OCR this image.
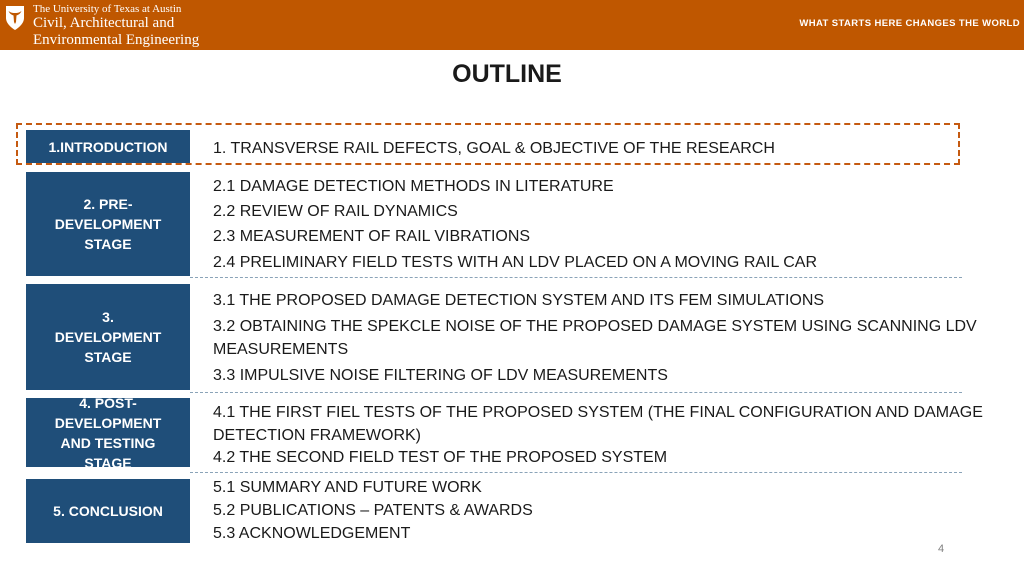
The University of Texas at Austin
Civil, Architectural and
Environmental Engineering
WHAT STARTS HERE CHANGES THE WORLD
OUTLINE
1.INTRODUCTION
2. PRE-DEVELOPMENT STAGE
3. DEVELOPMENT STAGE
4. POST-DEVELOPMENT AND TESTING STAGE
5. CONCLUSION
1. TRANSVERSE RAIL DEFECTS, GOAL & OBJECTIVE OF THE RESEARCH
2.1 DAMAGE DETECTION METHODS IN LITERATURE
2.2 REVIEW OF RAIL DYNAMICS
2.3 MEASUREMENT OF RAIL VIBRATIONS
2.4 PRELIMINARY FIELD TESTS WITH AN LDV PLACED ON A MOVING RAIL CAR
3.1 THE PROPOSED DAMAGE DETECTION SYSTEM AND ITS FEM SIMULATIONS
3.2 OBTAINING THE SPEKCLE NOISE OF THE PROPOSED DAMAGE SYSTEM USING SCANNING LDV
MEASUREMENTS
3.3 IMPULSIVE NOISE FILTERING OF LDV MEASUREMENTS
4.1 THE FIRST FIEL TESTS OF THE PROPOSED SYSTEM (THE FINAL CONFIGURATION AND DAMAGE
DETECTION FRAMEWORK)
4.2 THE SECOND FIELD TEST OF THE PROPOSED SYSTEM
5.1 SUMMARY AND FUTURE WORK
5.2 PUBLICATIONS – PATENTS & AWARDS
5.3 ACKNOWLEDGEMENT
4
